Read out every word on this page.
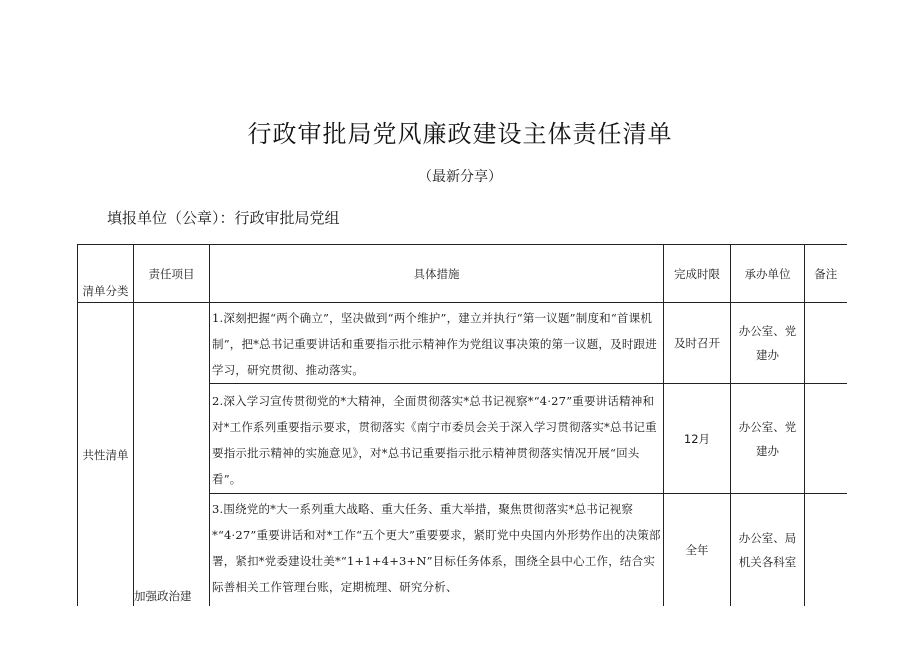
行政审批局党风廉政建设主体责任清单
（最新分享）
填报单位（公章）：行政审批局党组
清单分类	责任项目	具体措施	完成时限	承办单位	备注
共性清单	加强政治建	1.深刻把握“两个确立”，坚决做到“两个维护”，建立并执行“第一议题”制度和“首课机制”，把*总书记重要讲话和重要指示批示精神作为党组议事决策的第一议题，及时跟进学习，研究贯彻、推动落实。	及时召开	办公室、党建办	
		2.深入学习宣传贯彻党的*大精神，全面贯彻落实*总书记视察*“4·27”重要讲话精神和对*工作系列重要指示要求，贯彻落实《南宁市委员会关于深入学习贯彻落实*总书记重要指示批示精神的实施意见》，对*总书记重要指示批示精神贯彻落实情况开展“回头看”。	12月	办公室、党建办	
		3.围绕党的*大一系列重大战略、重大任务、重大举措，聚焦贯彻落实*总书记视察*“4·27”重要讲话和对*工作“五个更大”重要要求，紧盯党中央国内外形势作出的决策部署，紧扣*党委建设壮美*“1+1+4+3+N”目标任务体系，围绕全县中心工作，结合实际善相关工作管理台账，定期梳理、研究分析、	全年	办公室、局机关各科室	
